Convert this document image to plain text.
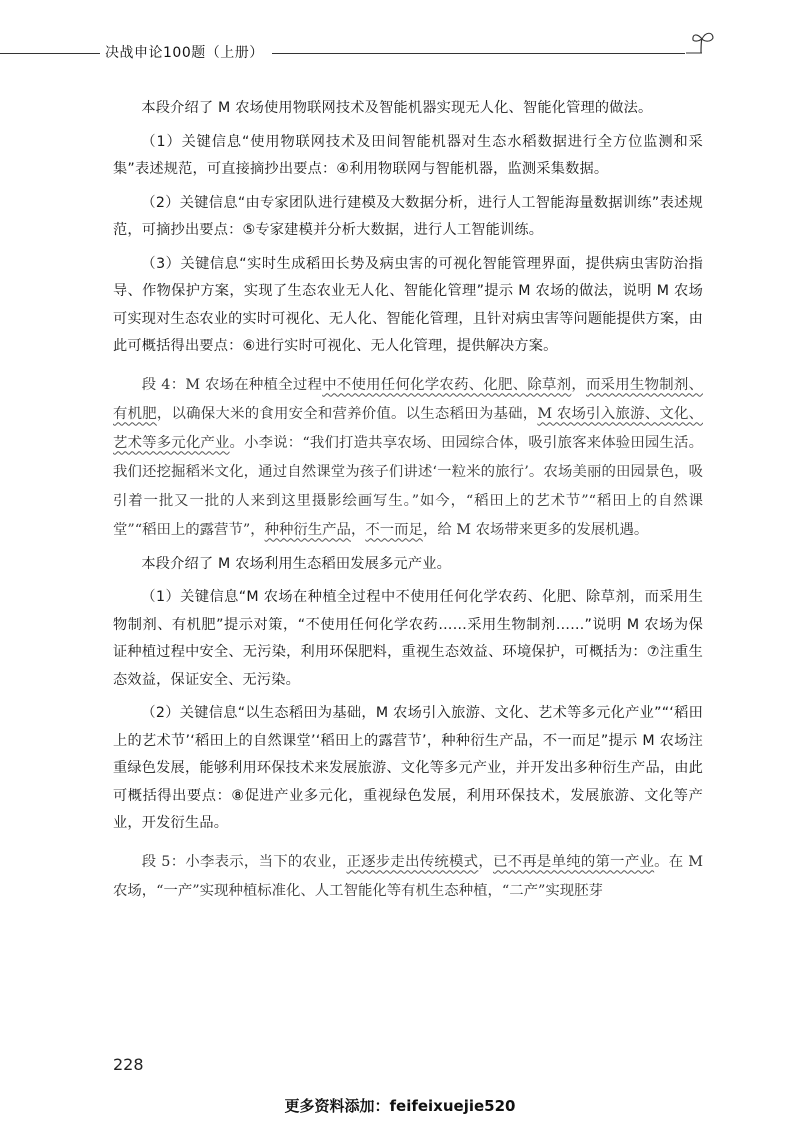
决战申论100题（上册）

本段介绍了 M 农场使用物联网技术及智能机器实现无人化、智能化管理的做法。

（1）关键信息“使用物联网技术及田间智能机器对生态水稻数据进行全方位监测和采集”表述规范，可直接摘抄出要点：④利用物联网与智能机器，监测采集数据。

（2）关键信息“由专家团队进行建模及大数据分析，进行人工智能海量数据训练”表述规范，可摘抄出要点：⑤专家建模并分析大数据，进行人工智能训练。

（3）关键信息“实时生成稻田长势及病虫害的可视化智能管理界面，提供病虫害防治指导、作物保护方案，实现了生态农业无人化、智能化管理”提示 M 农场的做法，说明 M 农场可实现对生态农业的实时可视化、无人化、智能化管理，且针对病虫害等问题能提供方案，由此可概括得出要点：⑥进行实时可视化、无人化管理，提供解决方案。

段 4：M 农场在种植全过程中不使用任何化学农药、化肥、除草剂，而采用生物制剂、有机肥，以确保大米的食用安全和营养价值。以生态稻田为基础，M 农场引入旅游、文化、艺术等多元化产业。小李说：“我们打造共享农场、田园综合体，吸引旅客来体验田园生活。我们还挖掘稻米文化，通过自然课堂为孩子们讲述‘一粒米的旅行’。农场美丽的田园景色，吸引着一批又一批的人来到这里摄影绘画写生。”如今，“稻田上的艺术节”“稻田上的自然课堂”“稻田上的露营节”，种种衍生产品，不一而足，给 M 农场带来更多的发展机遇。

本段介绍了 M 农场利用生态稻田发展多元产业。

（1）关键信息“M 农场在种植全过程中不使用任何化学农药、化肥、除草剂，而采用生物制剂、有机肥”提示对策，“不使用任何化学农药……采用生物制剂……”说明 M 农场为保证种植过程中安全、无污染，利用环保肥料，重视生态效益、环境保护，可概括为：⑦注重生态效益，保证安全、无污染。

（2）关键信息“以生态稻田为基础，M 农场引入旅游、文化、艺术等多元化产业”“‘稻田上的艺术节’‘稻田上的自然课堂’‘稻田上的露营节’，种种衍生产品，不一而足”提示 M 农场注重绿色发展，能够利用环保技术来发展旅游、文化等多元产业，并开发出多种衍生产品，由此可概括得出要点：⑧促进产业多元化，重视绿色发展，利用环保技术，发展旅游、文化等产业，开发衍生品。

段 5：小李表示，当下的农业，正逐步走出传统模式，已不再是单纯的第一产业。在 M 农场，“一产”实现种植标准化、人工智能化等有机生态种植，“二产”实现胚芽

228
更多资料添加：feifeixuejie520
